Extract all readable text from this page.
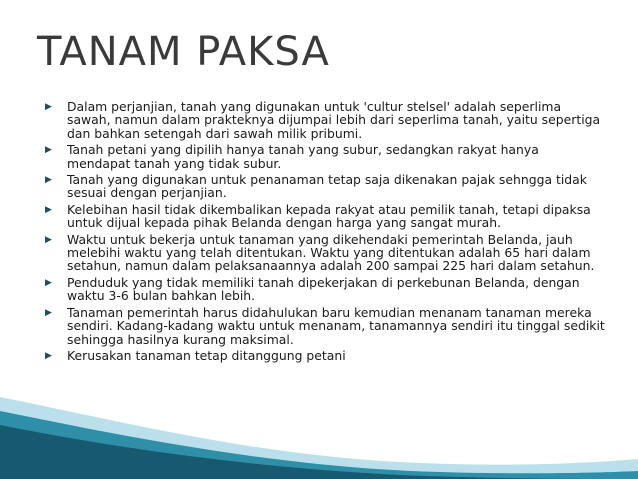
TANAM PAKSA
▶ Dalam perjanjian, tanah yang digunakan untuk 'cultur stelsel' adalah seperlima sawah, namun dalam prakteknya dijumpai lebih dari seperlima tanah, yaitu sepertiga dan bahkan setengah dari sawah milik pribumi.
▶ Tanah petani yang dipilih hanya tanah yang subur, sedangkan rakyat hanya mendapat tanah yang tidak subur.
▶ Tanah yang digunakan untuk penanaman tetap saja dikenakan pajak sehngga tidak sesuai dengan perjanjian.
▶ Kelebihan hasil tidak dikembalikan kepada rakyat atau pemilik tanah, tetapi dipaksa untuk dijual kepada pihak Belanda dengan harga yang sangat murah.
▶ Waktu untuk bekerja untuk tanaman yang dikehendaki pemerintah Belanda, jauh melebihi waktu yang telah ditentukan. Waktu yang ditentukan adalah 65 hari dalam setahun, namun dalam pelaksanaannya adalah 200 sampai 225 hari dalam setahun.
▶ Penduduk yang tidak memiliki tanah dipekerjakan di perkebunan Belanda, dengan waktu 3-6 bulan bahkan lebih.
▶ Tanaman pemerintah harus didahulukan baru kemudian menanam tanaman mereka sendiri. Kadang-kadang waktu untuk menanam, tanamannya sendiri itu tinggal sedikit sehingga hasilnya kurang maksimal.
▶ Kerusakan tanaman tetap ditanggung petani
